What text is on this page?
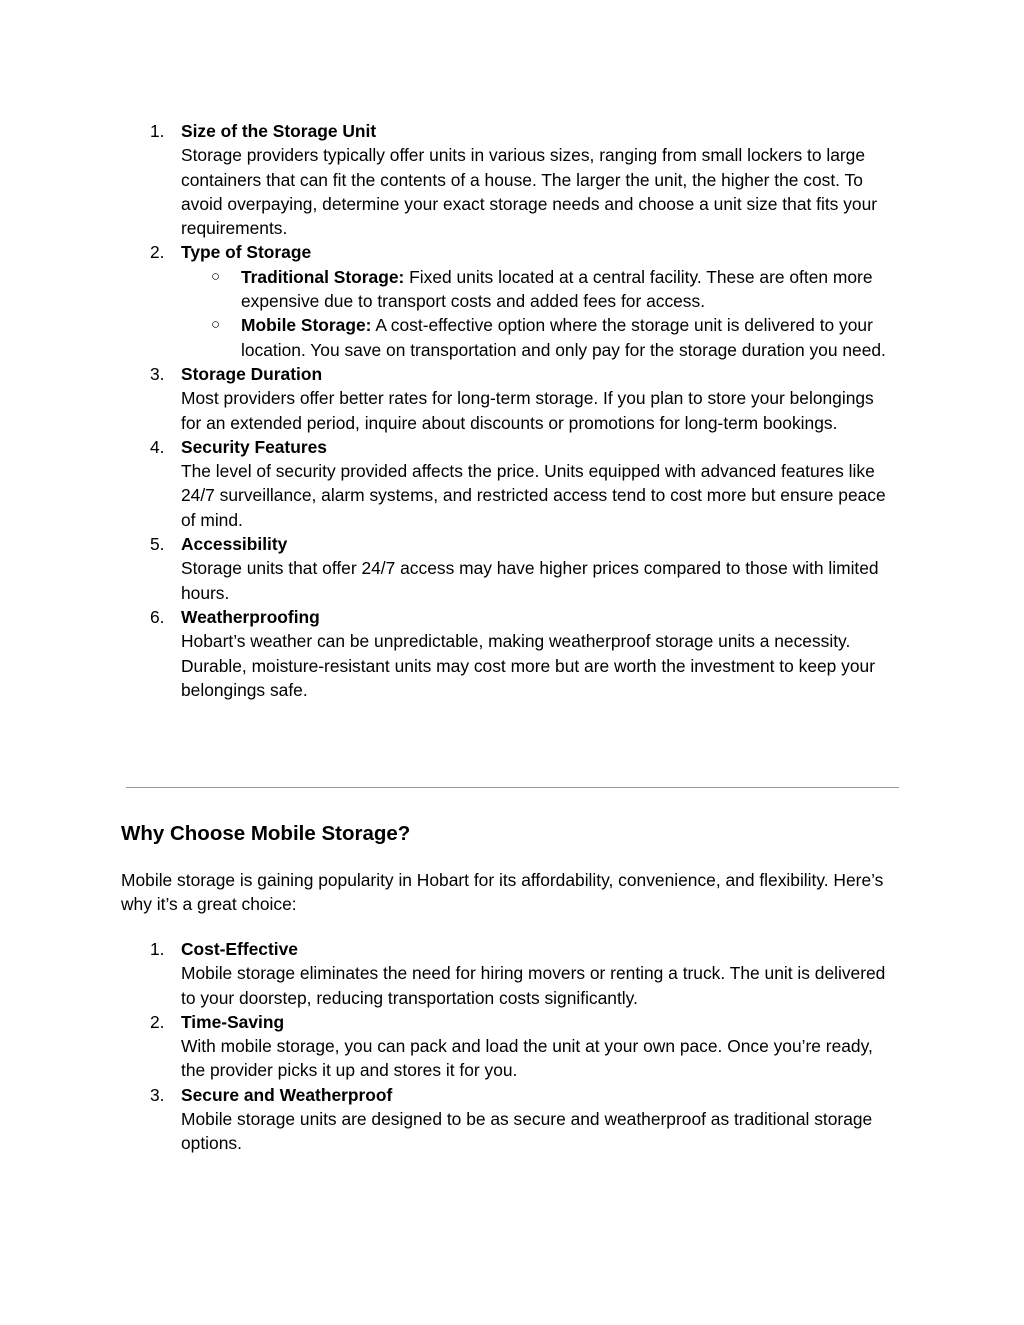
1. Size of the Storage Unit
Storage providers typically offer units in various sizes, ranging from small lockers to large containers that can fit the contents of a house. The larger the unit, the higher the cost. To avoid overpaying, determine your exact storage needs and choose a unit size that fits your requirements.
2. Type of Storage
○ Traditional Storage: Fixed units located at a central facility. These are often more expensive due to transport costs and added fees for access.
○ Mobile Storage: A cost-effective option where the storage unit is delivered to your location. You save on transportation and only pay for the storage duration you need.
3. Storage Duration
Most providers offer better rates for long-term storage. If you plan to store your belongings for an extended period, inquire about discounts or promotions for long-term bookings.
4. Security Features
The level of security provided affects the price. Units equipped with advanced features like 24/7 surveillance, alarm systems, and restricted access tend to cost more but ensure peace of mind.
5. Accessibility
Storage units that offer 24/7 access may have higher prices compared to those with limited hours.
6. Weatherproofing
Hobart’s weather can be unpredictable, making weatherproof storage units a necessity. Durable, moisture-resistant units may cost more but are worth the investment to keep your belongings safe.
Why Choose Mobile Storage?

Mobile storage is gaining popularity in Hobart for its affordability, convenience, and flexibility. Here’s why it’s a great choice:

1. Cost-Effective
Mobile storage eliminates the need for hiring movers or renting a truck. The unit is delivered to your doorstep, reducing transportation costs significantly.
2. Time-Saving
With mobile storage, you can pack and load the unit at your own pace. Once you’re ready, the provider picks it up and stores it for you.
3. Secure and Weatherproof
Mobile storage units are designed to be as secure and weatherproof as traditional storage options.
